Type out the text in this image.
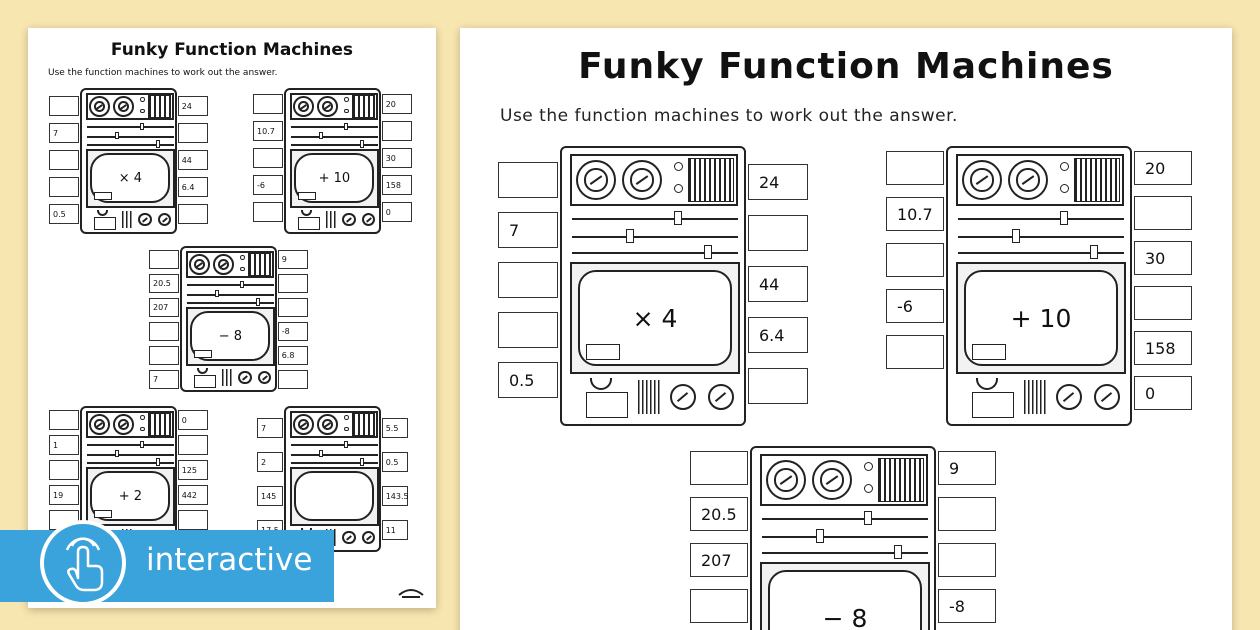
Funky Function Machines
Use the function machines to work out the answer.
× 4
7
0.5
24
44
6.4
+ 10
10.7
-6
20
30
158
0
− 8
20.5
207
7
9
-8
6.8
+ 2
1
19
0
125
442
7
2
145
5.5
0.5
143.5
11
Funky Function Machines
Use the function machines to work out the answer.
× 4
7
0.5
24
44
6.4
+ 10
10.7
-6
20
30
158
0
− 8
20.5
207
9
-8
interactive
